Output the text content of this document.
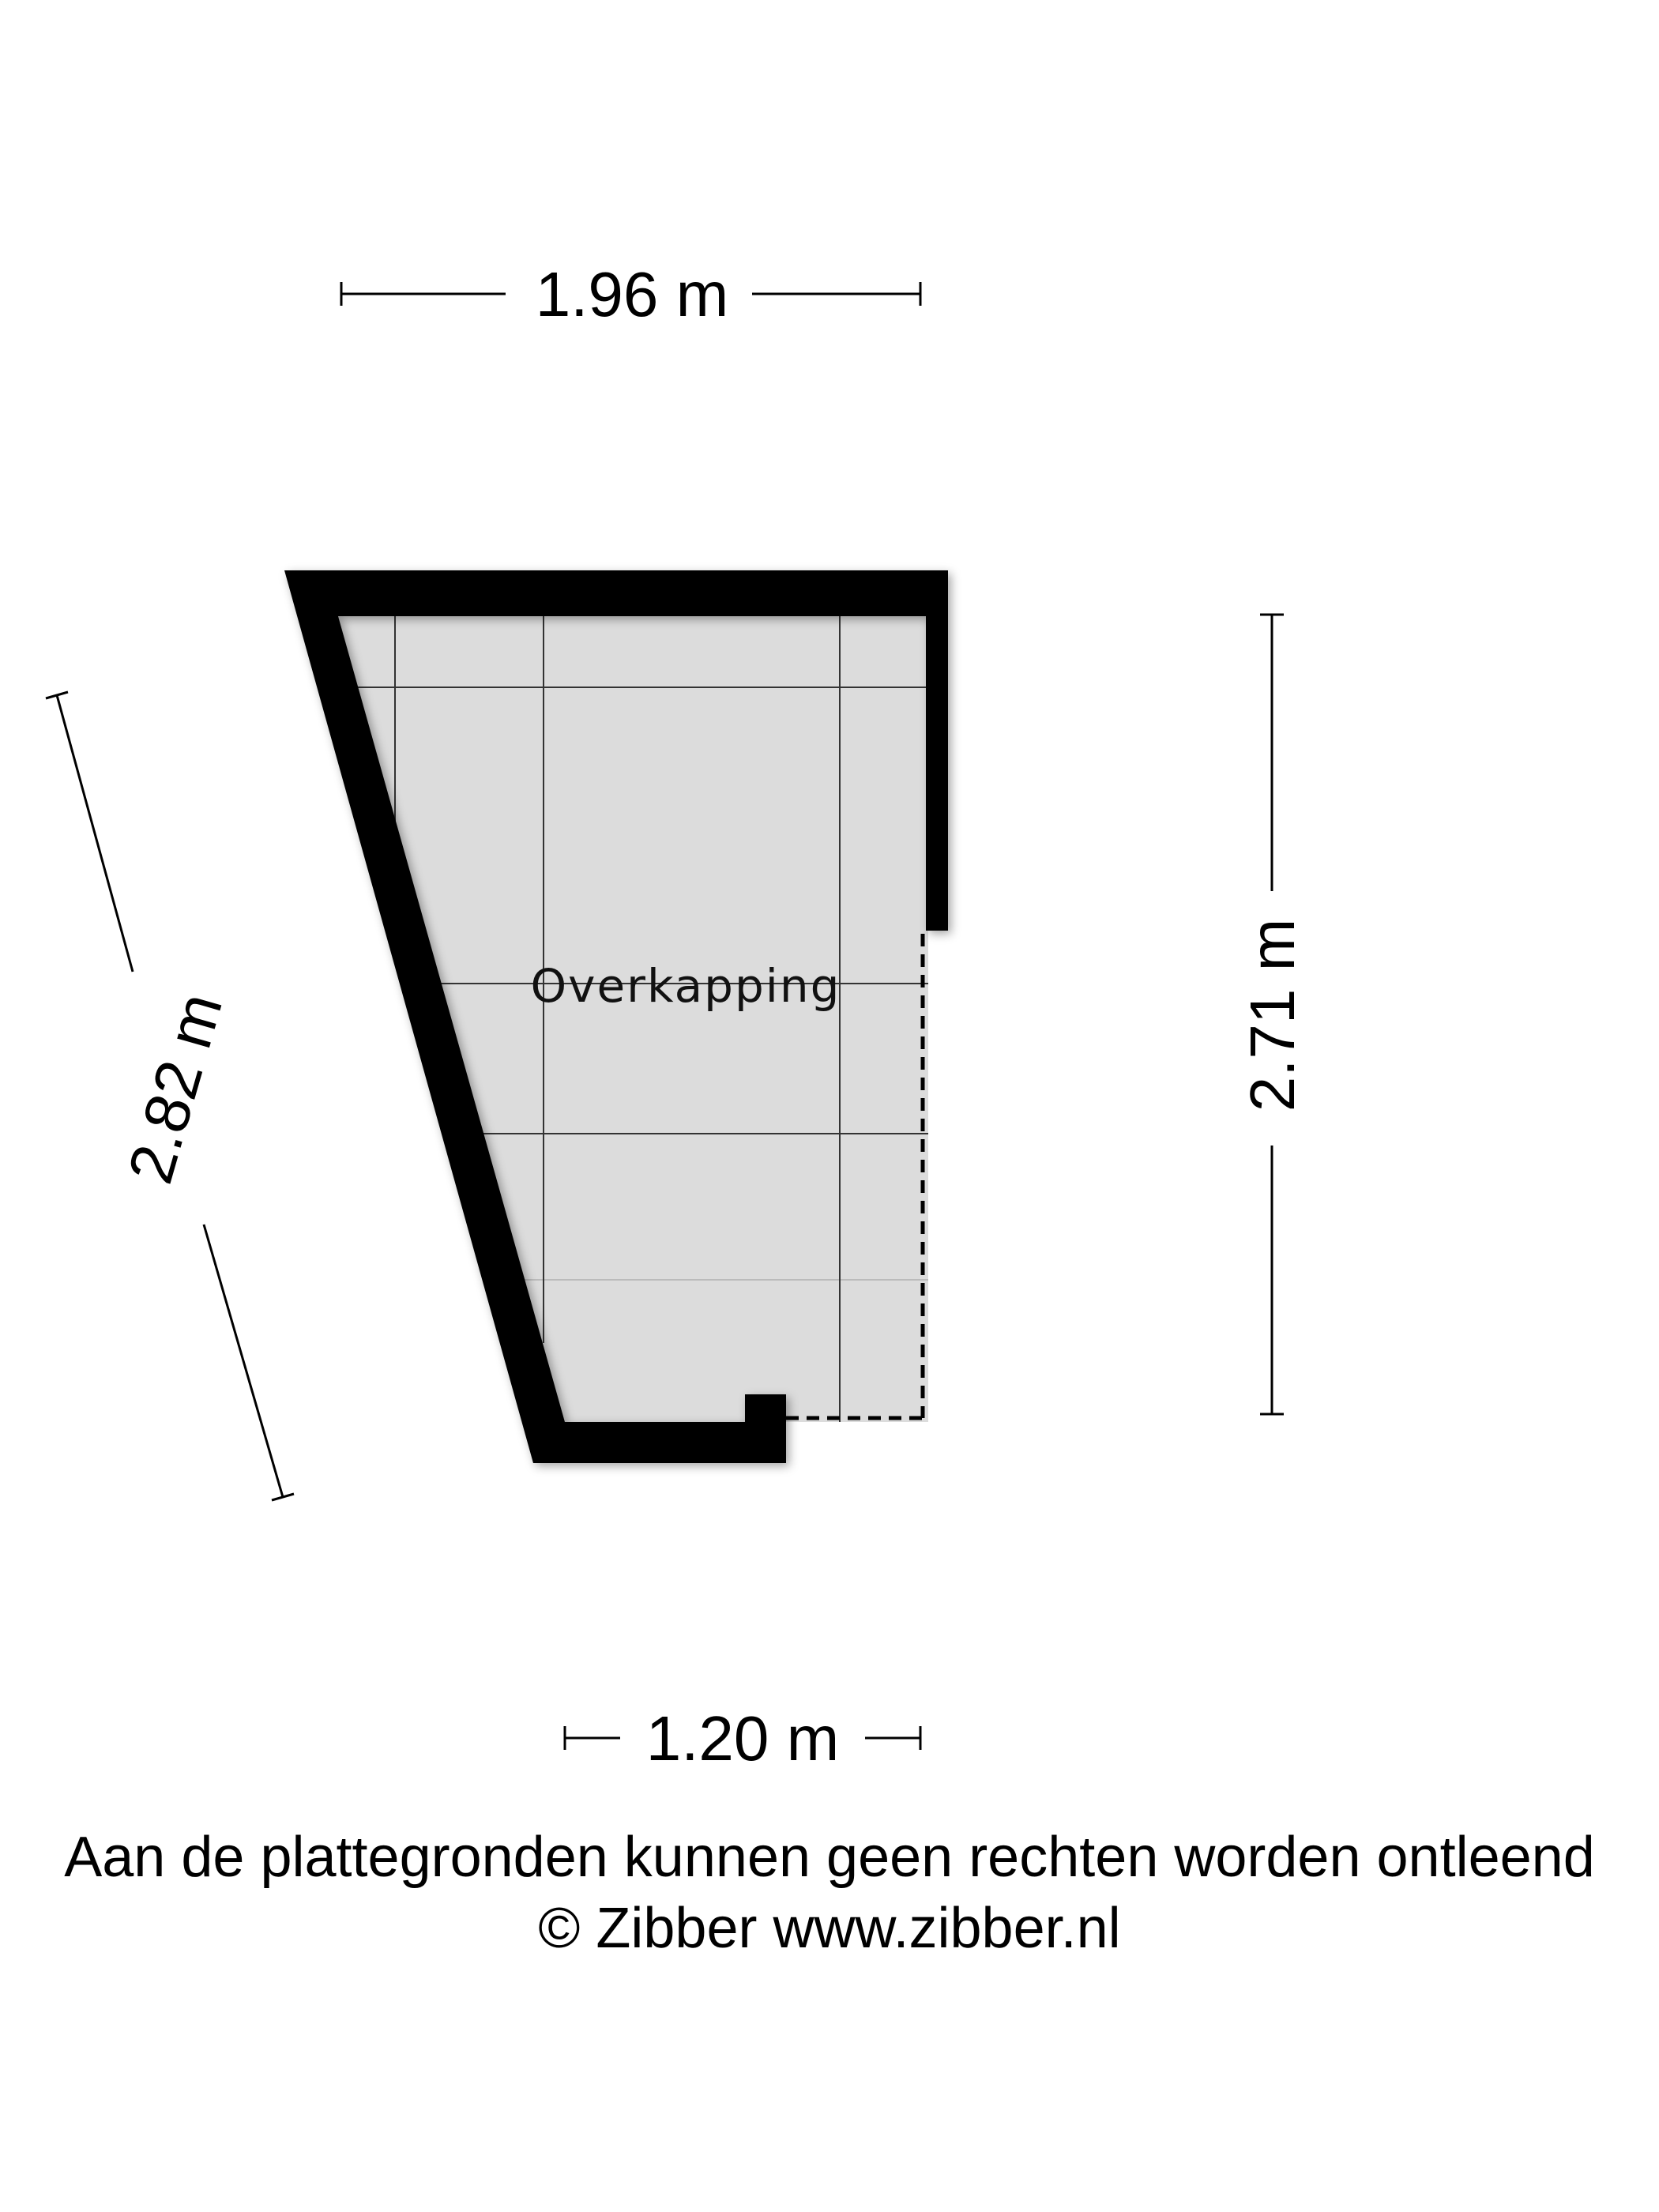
Overkapping
1.96 m
1.20 m
2.71 m
2.82 m
Aan de plattegronden kunnen geen rechten worden ontleend
© Zibber www.zibber.nl
